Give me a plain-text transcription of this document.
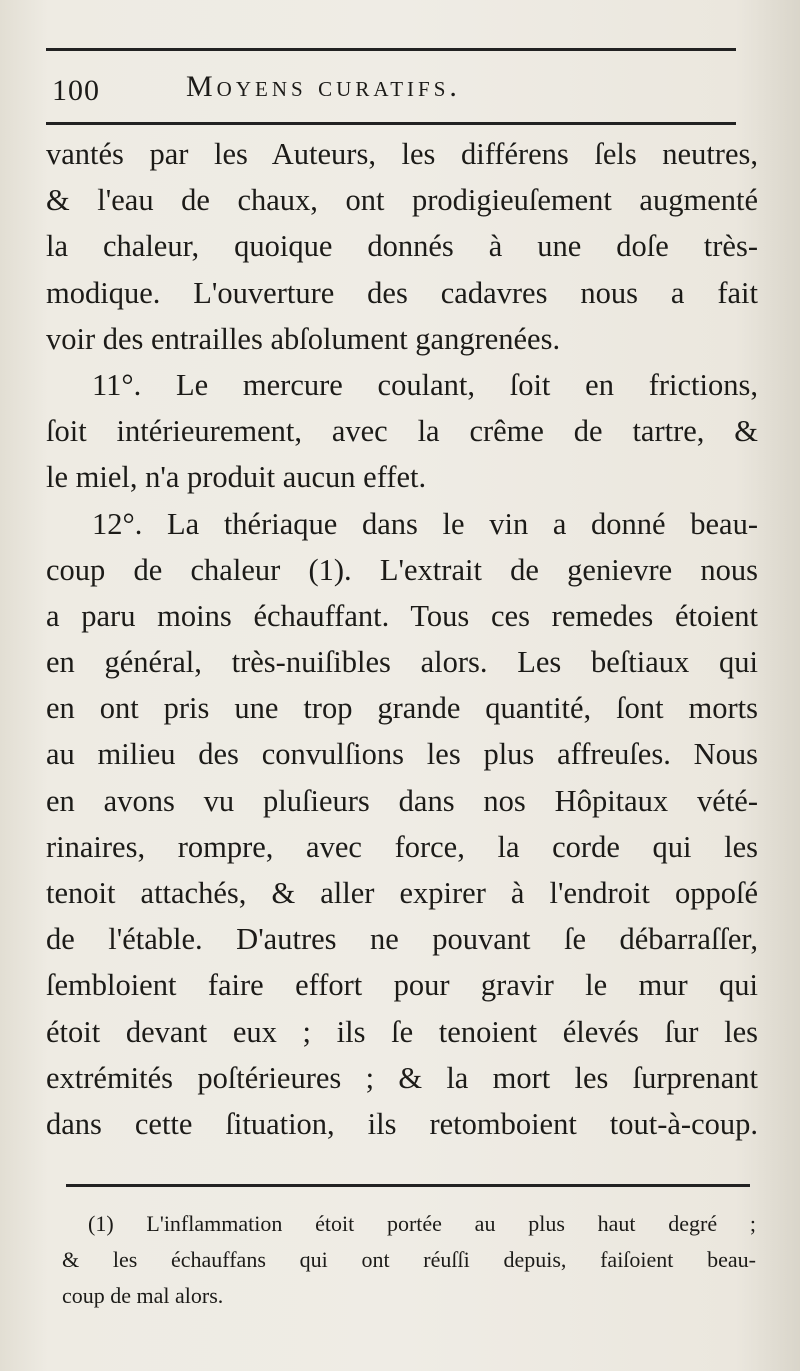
100	Moyens curatifs.
vantés par les Auteurs, les différens ſels neutres,
& l'eau de chaux, ont prodigieuſement augmenté
la chaleur, quoique donnés à une doſe très-
modique. L'ouverture des cadavres nous a fait
voir des entrailles abſolument gangrenées.
11°. Le mercure coulant, ſoit en frictions,
ſoit intérieurement, avec la crême de tartre, &
le miel, n'a produit aucun effet.
12°. La thériaque dans le vin a donné beau-
coup de chaleur (1). L'extrait de genievre nous
a paru moins échauffant. Tous ces remedes étoient
en général, très-nuiſibles alors. Les beſtiaux qui
en ont pris une trop grande quantité, ſont morts
au milieu des convulſions les plus affreuſes. Nous
en avons vu pluſieurs dans nos Hôpitaux vété-
rinaires, rompre, avec force, la corde qui les
tenoit attachés, & aller expirer à l'endroit oppoſé
de l'étable. D'autres ne pouvant ſe débarraſſer,
ſembloient faire effort pour gravir le mur qui
étoit devant eux ; ils ſe tenoient élevés ſur les
extrémités poſtérieures ; & la mort les ſurprenant
dans cette ſituation, ils retomboient tout-à-coup.
(1) L'inflammation étoit portée au plus haut degré ;
& les échauffans qui ont réuſſi depuis, faiſoient beau-
coup de mal alors.
